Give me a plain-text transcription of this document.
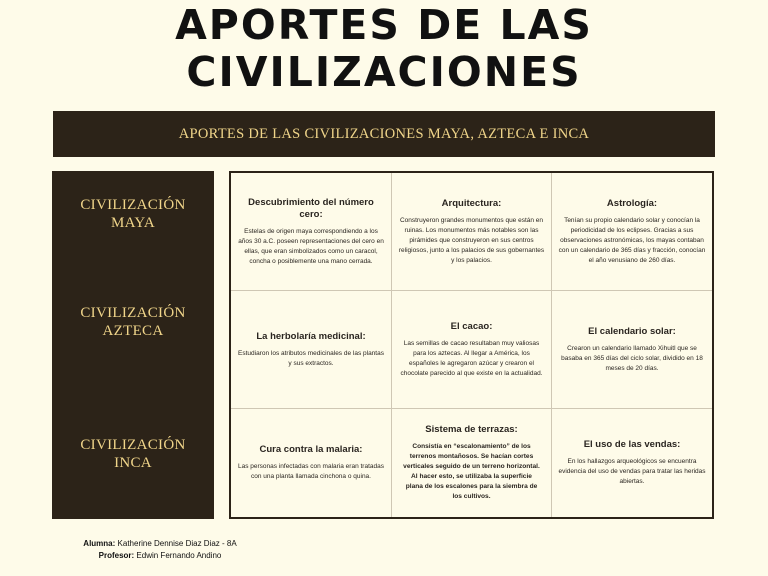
APORTES DE LAS
CIVILIZACIONES
APORTES DE LAS CIVILIZACIONES MAYA, AZTECA E INCA
CIVILIZACIÓN
MAYA
CIVILIZACIÓN
AZTECA
CIVILIZACIÓN
INCA
Descubrimiento del número cero:

Estelas de origen maya correspondiendo a los años 30 a.C. poseen representaciones del cero en ellas, que eran simbolizados como un caracol, concha o posiblemente una mano cerrada.

Arquitectura:

Construyeron grandes monumentos que están en ruinas. Los monumentos más notables son las pirámides que construyeron en sus centros religiosos, junto a los palacios de sus gobernantes y los palacios.

Astrología:

Tenían su propio calendario solar y conocían la periodicidad de los eclipses. Gracias a sus observaciones astronómicas, los mayas contaban con un calendario de 365 días y fracción, conocían el año venusiano de 260 días.

La herbolaría medicinal:

Estudiaron los atributos medicinales de las plantas y sus extractos.

El cacao:

Las semillas de cacao resultaban muy valiosas para los aztecas. Al llegar a América, los españoles le agregaron azúcar y crearon el chocolate parecido al que existe en la actualidad.

El calendario solar:

Crearon un calendario llamado Xihuitl que se basaba en 365 días del ciclo solar, dividido en 18 meses de 20 días.

Cura contra la malaria:

Las personas infectadas con malaria eran tratadas con una planta llamada cinchona o quina.

Sistema de terrazas:

Consistía en “escalonamiento” de los terrenos montañosos. Se hacían cortes verticales seguido de un terreno horizontal. Al hacer esto, se utilizaba la superficie plana de los escalones para la siembra de los cultivos.

El uso de las vendas:

En los hallazgos arqueológicos se encuentra evidencia del uso de vendas para tratar las heridas abiertas.

Alumna: Katherine Dennise Diaz Diaz - 8A
Profesor: Edwin Fernando Andino
